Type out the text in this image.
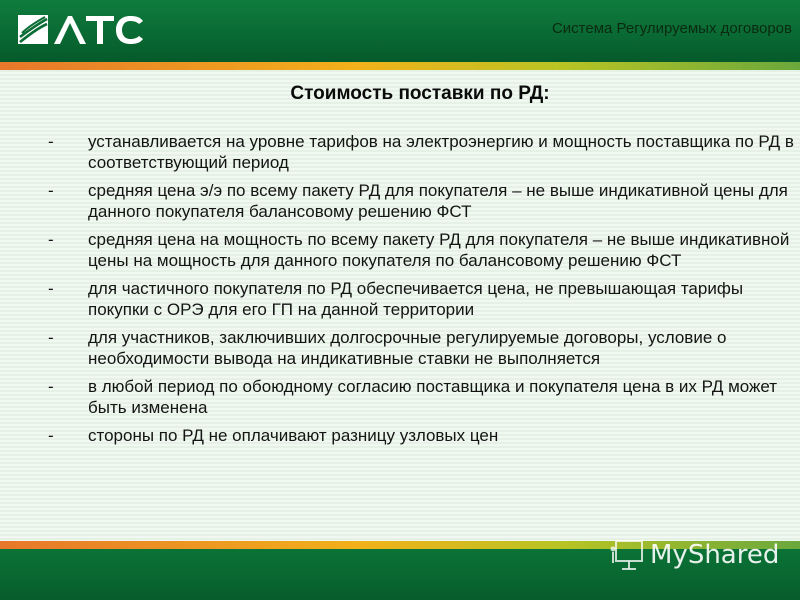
Система Регулируемых договоров
Стоимость поставки по РД:
- устанавливается на уровне тарифов на электроэнергию и мощность поставщика по РД в соответствующий период
- средняя цена э/э по всему пакету РД для покупателя – не выше индикативной цены для данного покупателя балансовому решению ФСТ
- средняя цена на мощность по всему пакету РД для покупателя – не выше индикативной цены на мощность для данного покупателя по балансовому решению ФСТ
- для частичного покупателя по РД обеспечивается цена, не превышающая тарифы покупки с ОРЭ для его ГП на данной территории
- для участников, заключивших долгосрочные регулируемые договоры, условие о необходимости вывода на индикативные ставки не выполняется
- в любой период по обоюдному согласию поставщика и покупателя цена в их РД может быть изменена
- стороны по РД не оплачивают разницу узловых цен
MyShared
